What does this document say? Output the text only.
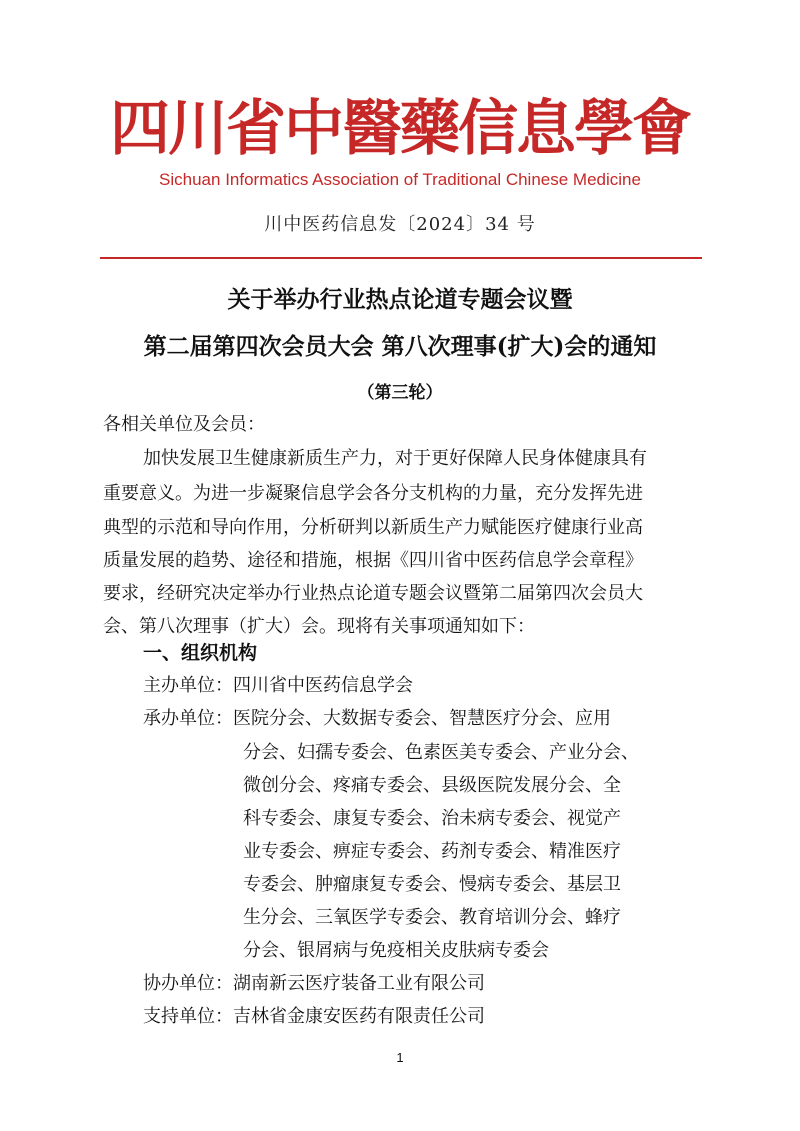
四川省中醫藥信息學會
Sichuan Informatics Association of Traditional Chinese Medicine
川中医药信息发〔2024〕34 号
关于举办行业热点论道专题会议暨
第二届第四次会员大会 第八次理事(扩大)会的通知
（第三轮）
各相关单位及会员：
加快发展卫生健康新质生产力，对于更好保障人民身体健康具有
重要意义。为进一步凝聚信息学会各分支机构的力量，充分发挥先进
典型的示范和导向作用，分析研判以新质生产力赋能医疗健康行业高
质量发展的趋势、途径和措施，根据《四川省中医药信息学会章程》
要求，经研究决定举办行业热点论道专题会议暨第二届第四次会员大
会、第八次理事（扩大）会。现将有关事项通知如下：
一、组织机构
主办单位：四川省中医药信息学会
承办单位：医院分会、大数据专委会、智慧医疗分会、应用
分会、妇孺专委会、色素医美专委会、产业分会、
微创分会、疼痛专委会、县级医院发展分会、全
科专委会、康复专委会、治未病专委会、视觉产
业专委会、痹症专委会、药剂专委会、精准医疗
专委会、肿瘤康复专委会、慢病专委会、基层卫
生分会、三氧医学专委会、教育培训分会、蜂疗
分会、银屑病与免疫相关皮肤病专委会
协办单位：湖南新云医疗装备工业有限公司
支持单位：吉林省金康安医药有限责任公司
1
